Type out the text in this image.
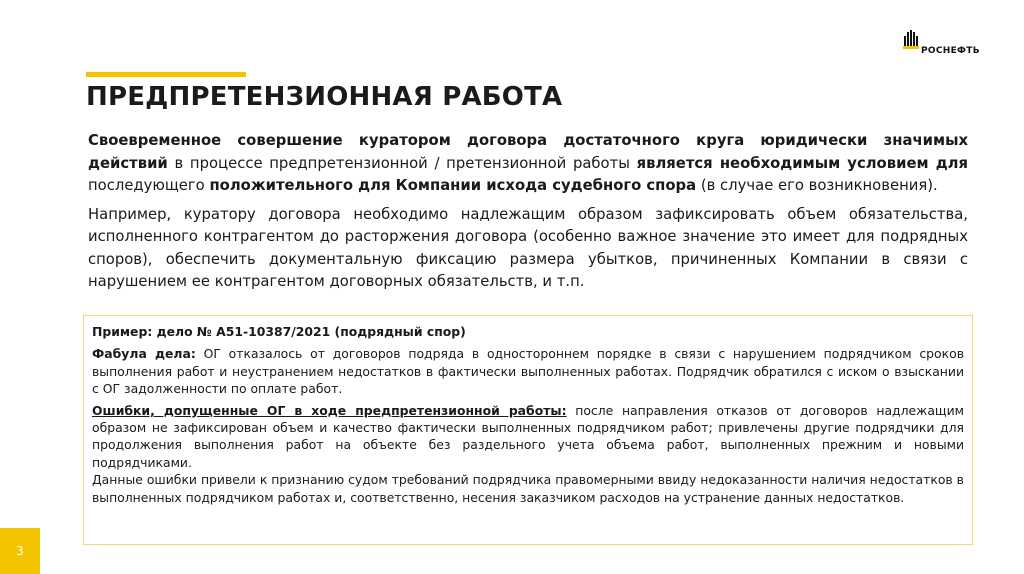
ПРЕДПРЕТЕНЗИОННАЯ РАБОТА
РОСНЕФТЬ

Своевременное совершение куратором договора достаточного круга юридически значимых действий в процессе предпретензионной / претензионной работы является необходимым условием для последующего положительного для Компании исхода судебного спора (в случае его возникновения).

Например, куратору договора необходимо надлежащим образом зафиксировать объем обязательства, исполненного контрагентом до расторжения договора (особенно важное значение это имеет для подрядных споров), обеспечить документальную фиксацию размера убытков, причиненных Компании в связи с нарушением ее контрагентом договорных обязательств, и т.п.

Пример: дело № А51-10387/2021 (подрядный спор)

Фабула дела: ОГ отказалось от договоров подряда в одностороннем порядке в связи с нарушением подрядчиком сроков выполнения работ и неустранением недостатков в фактически выполненных работах. Подрядчик обратился с иском о взыскании с ОГ задолженности по оплате работ.

Ошибки, допущенные ОГ в ходе предпретензионной работы: после направления отказов от договоров надлежащим образом не зафиксирован объем и качество фактически выполненных подрядчиком работ; привлечены другие подрядчики для продолжения выполнения работ на объекте без раздельного учета объема работ, выполненных прежним и новыми подрядчиками.

Данные ошибки привели к признанию судом требований подрядчика правомерными ввиду недоказанности наличия недостатков в выполненных подрядчиком работах и, соответственно, несения заказчиком расходов на устранение данных недостатков.

3
